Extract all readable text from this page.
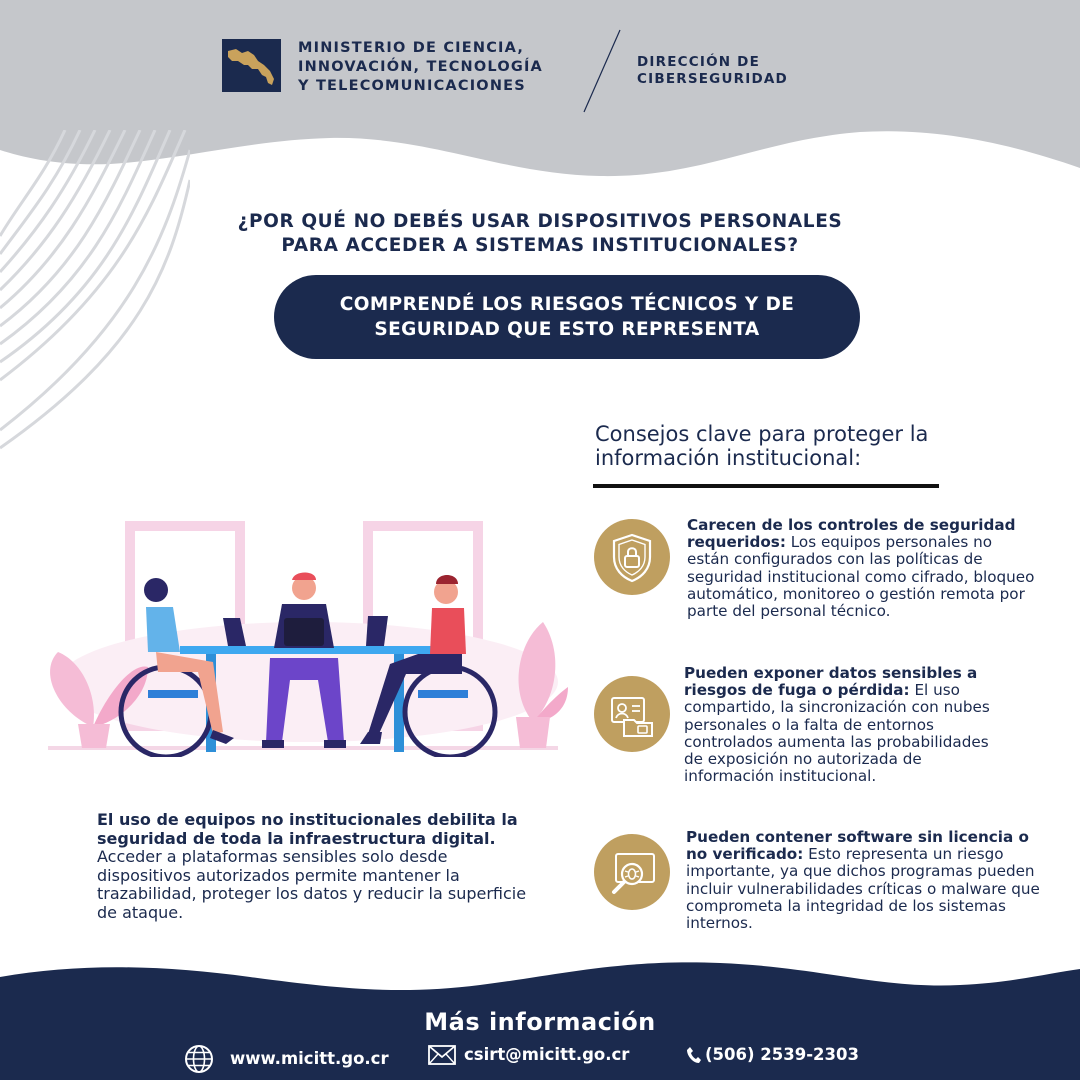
MINISTERIO DE CIENCIA,
INNOVACIÓN, TECNOLOGÍA
Y TELECOMUNICACIONES
DIRECCIÓN DE
CIBERSEGURIDAD
¿POR QUÉ NO DEBÉS USAR DISPOSITIVOS PERSONALES
PARA ACCEDER A SISTEMAS INSTITUCIONALES?
COMPRENDÉ LOS RIESGOS TÉCNICOS Y DE
SEGURIDAD QUE ESTO REPRESENTA
El uso de equipos no institucionales debilita la seguridad de toda la infraestructura digital. Acceder a plataformas sensibles solo desde dispositivos autorizados permite mantener la trazabilidad, proteger los datos y reducir la superficie de ataque.
Consejos clave para proteger la
información institucional:
Carecen de los controles de seguridad requeridos: Los equipos personales no están configurados con las políticas de seguridad institucional como cifrado, bloqueo automático, monitoreo o gestión remota por parte del personal técnico.
Pueden exponer datos sensibles a riesgos de fuga o pérdida: El uso compartido, la sincronización con nubes personales o la falta de entornos controlados aumenta las probabilidades de exposición no autorizada de información institucional.
Pueden contener software sin licencia o no verificado: Esto representa un riesgo importante, ya que dichos programas pueden incluir vulnerabilidades críticas o malware que comprometa la integridad de los sistemas internos.
Más información
www.micitt.go.cr	csirt@micitt.go.cr	(506) 2539-2303
